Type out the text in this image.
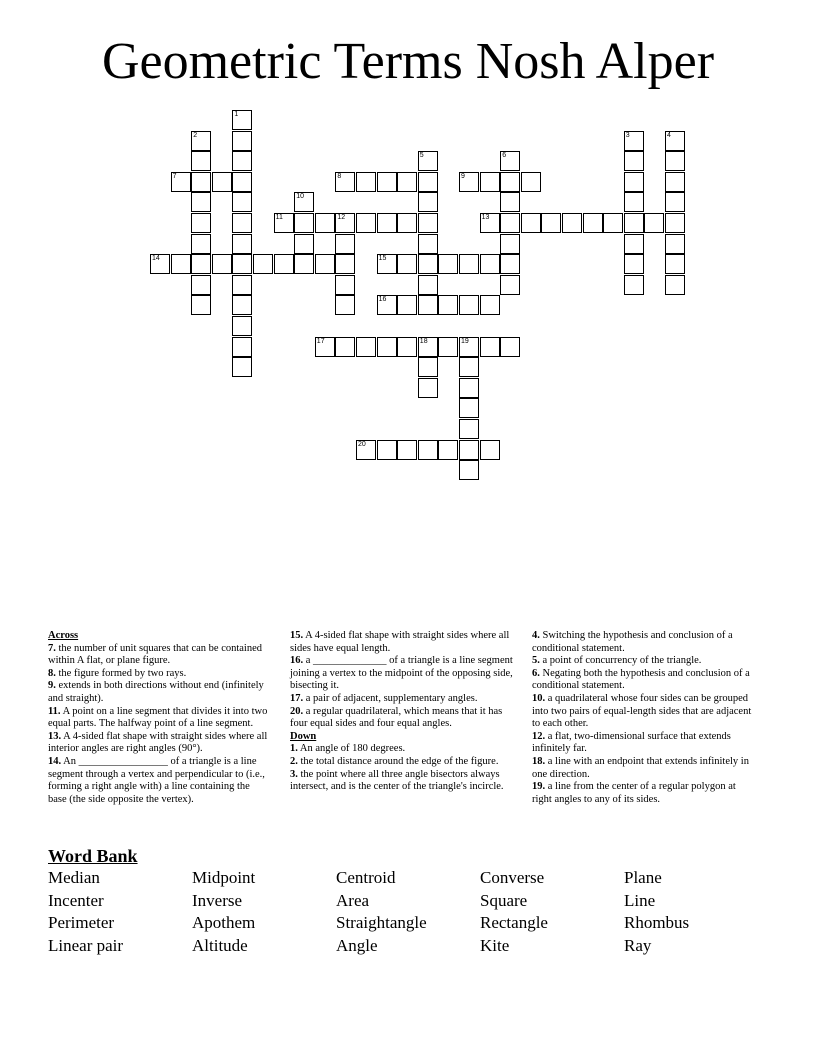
Geometric Terms Nosh Alper
7	8	9
11	12	13
14	15
16
17	18	19
20
1
2	3	4
5	6
10
Across
7. the number of unit squares that can be contained within A flat, or plane figure.
8. the figure formed by two rays.
9. extends in both directions without end (infinitely and straight).
11. A point on a line segment that divides it into two equal parts. The halfway point of a line segment.
13. A 4-sided flat shape with straight sides where all interior angles are right angles (90°).
14. An _________________ of a triangle is a line segment through a vertex and perpendicular to (i.e., forming a right angle with) a line containing the base (the side opposite the vertex).
15. A 4-sided flat shape with straight sides where all sides have equal length.
16. a ______________ of a triangle is a line segment joining a vertex to the midpoint of the opposing side, bisecting it.
17. a pair of adjacent, supplementary angles.
20. a regular quadrilateral, which means that it has four equal sides and four equal angles.
Down
1. An angle of 180 degrees.
2. the total distance around the edge of the figure.
3. the point where all three angle bisectors always intersect, and is the center of the triangle's incircle.
4. Switching the hypothesis and conclusion of a conditional statement.
5. a point of concurrency of the triangle.
6. Negating both the hypothesis and conclusion of a conditional statement.
10. a quadrilateral whose four sides can be grouped into two pairs of equal-length sides that are adjacent to each other.
12. a flat, two-dimensional surface that extends infinitely far.
18. a line with an endpoint that extends infinitely in one direction.
19. a line from the center of a regular polygon at right angles to any of its sides.
Word Bank
Median	Midpoint	Centroid	Converse	Plane
Incenter	Inverse	Area	Square	Line
Perimeter	Apothem	Straightangle	Rectangle	Rhombus
Linear pair	Altitude	Angle	Kite	Ray
